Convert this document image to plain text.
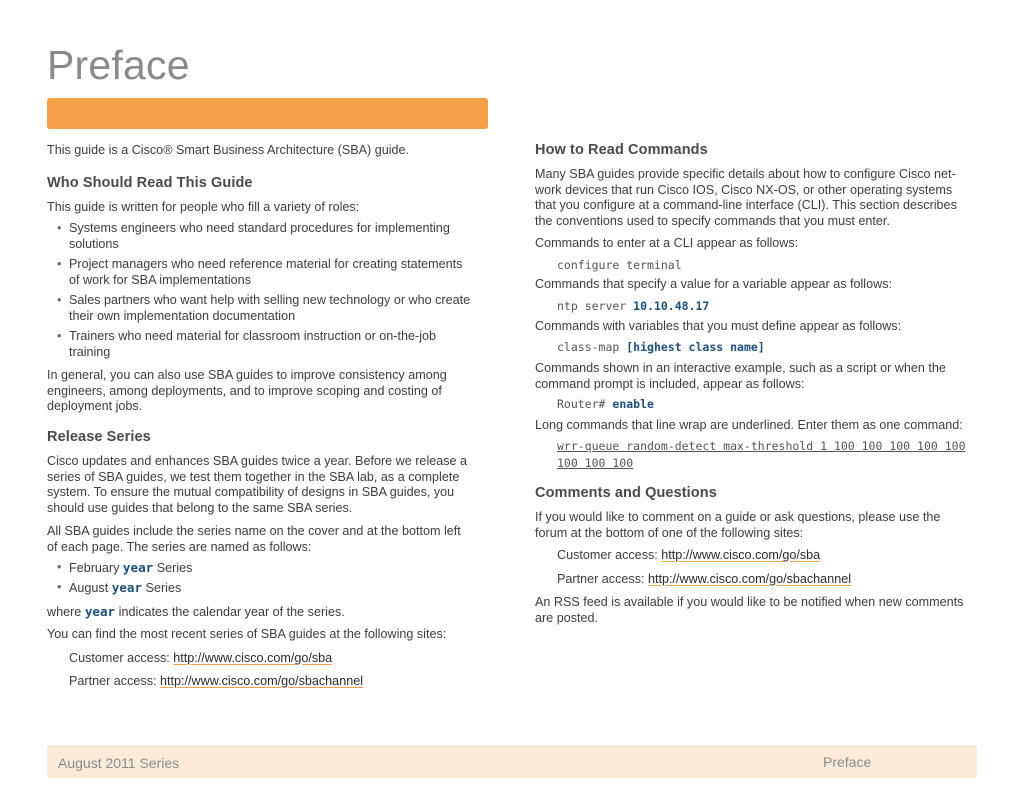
Preface

This guide is a Cisco® Smart Business Architecture (SBA) guide.

Who Should Read This Guide

This guide is written for people who fill a variety of roles:

• Systems engineers who need standard procedures for implementing
solutions
• Project managers who need reference material for creating statements
of work for SBA implementations
• Sales partners who want help with selling new technology or who create
their own implementation documentation
• Trainers who need material for classroom instruction or on-the-job
training

In general, you can also use SBA guides to improve consistency among
engineers, among deployments, and to improve scoping and costing of
deployment jobs.

Release Series

Cisco updates and enhances SBA guides twice a year. Before we release a
series of SBA guides, we test them together in the SBA lab, as a complete
system. To ensure the mutual compatibility of designs in SBA guides, you
should use guides that belong to the same SBA series.

All SBA guides include the series name on the cover and at the bottom left
of each page. The series are named as follows:

• February year Series
• August year Series

where year indicates the calendar year of the series.

You can find the most recent series of SBA guides at the following sites:

Customer access: http://www.cisco.com/go/sba

Partner access: http://www.cisco.com/go/sbachannel

How to Read Commands

Many SBA guides provide specific details about how to configure Cisco net-
work devices that run Cisco IOS, Cisco NX-OS, or other operating systems
that you configure at a command-line interface (CLI). This section describes
the conventions used to specify commands that you must enter.

Commands to enter at a CLI appear as follows:

configure terminal

Commands that specify a value for a variable appear as follows:

ntp server 10.10.48.17

Commands with variables that you must define appear as follows:

class-map [highest class name]

Commands shown in an interactive example, such as a script or when the
command prompt is included, appear as follows:

Router# enable

Long commands that line wrap are underlined. Enter them as one command:

wrr-queue random-detect max-threshold 1 100 100 100 100 100
100 100 100
Comments and Questions

If you would like to comment on a guide or ask questions, please use the
forum at the bottom of one of the following sites:

Customer access: http://www.cisco.com/go/sba

Partner access: http://www.cisco.com/go/sbachannel

An RSS feed is available if you would like to be notified when new comments
are posted.

August 2011 Series	Preface
